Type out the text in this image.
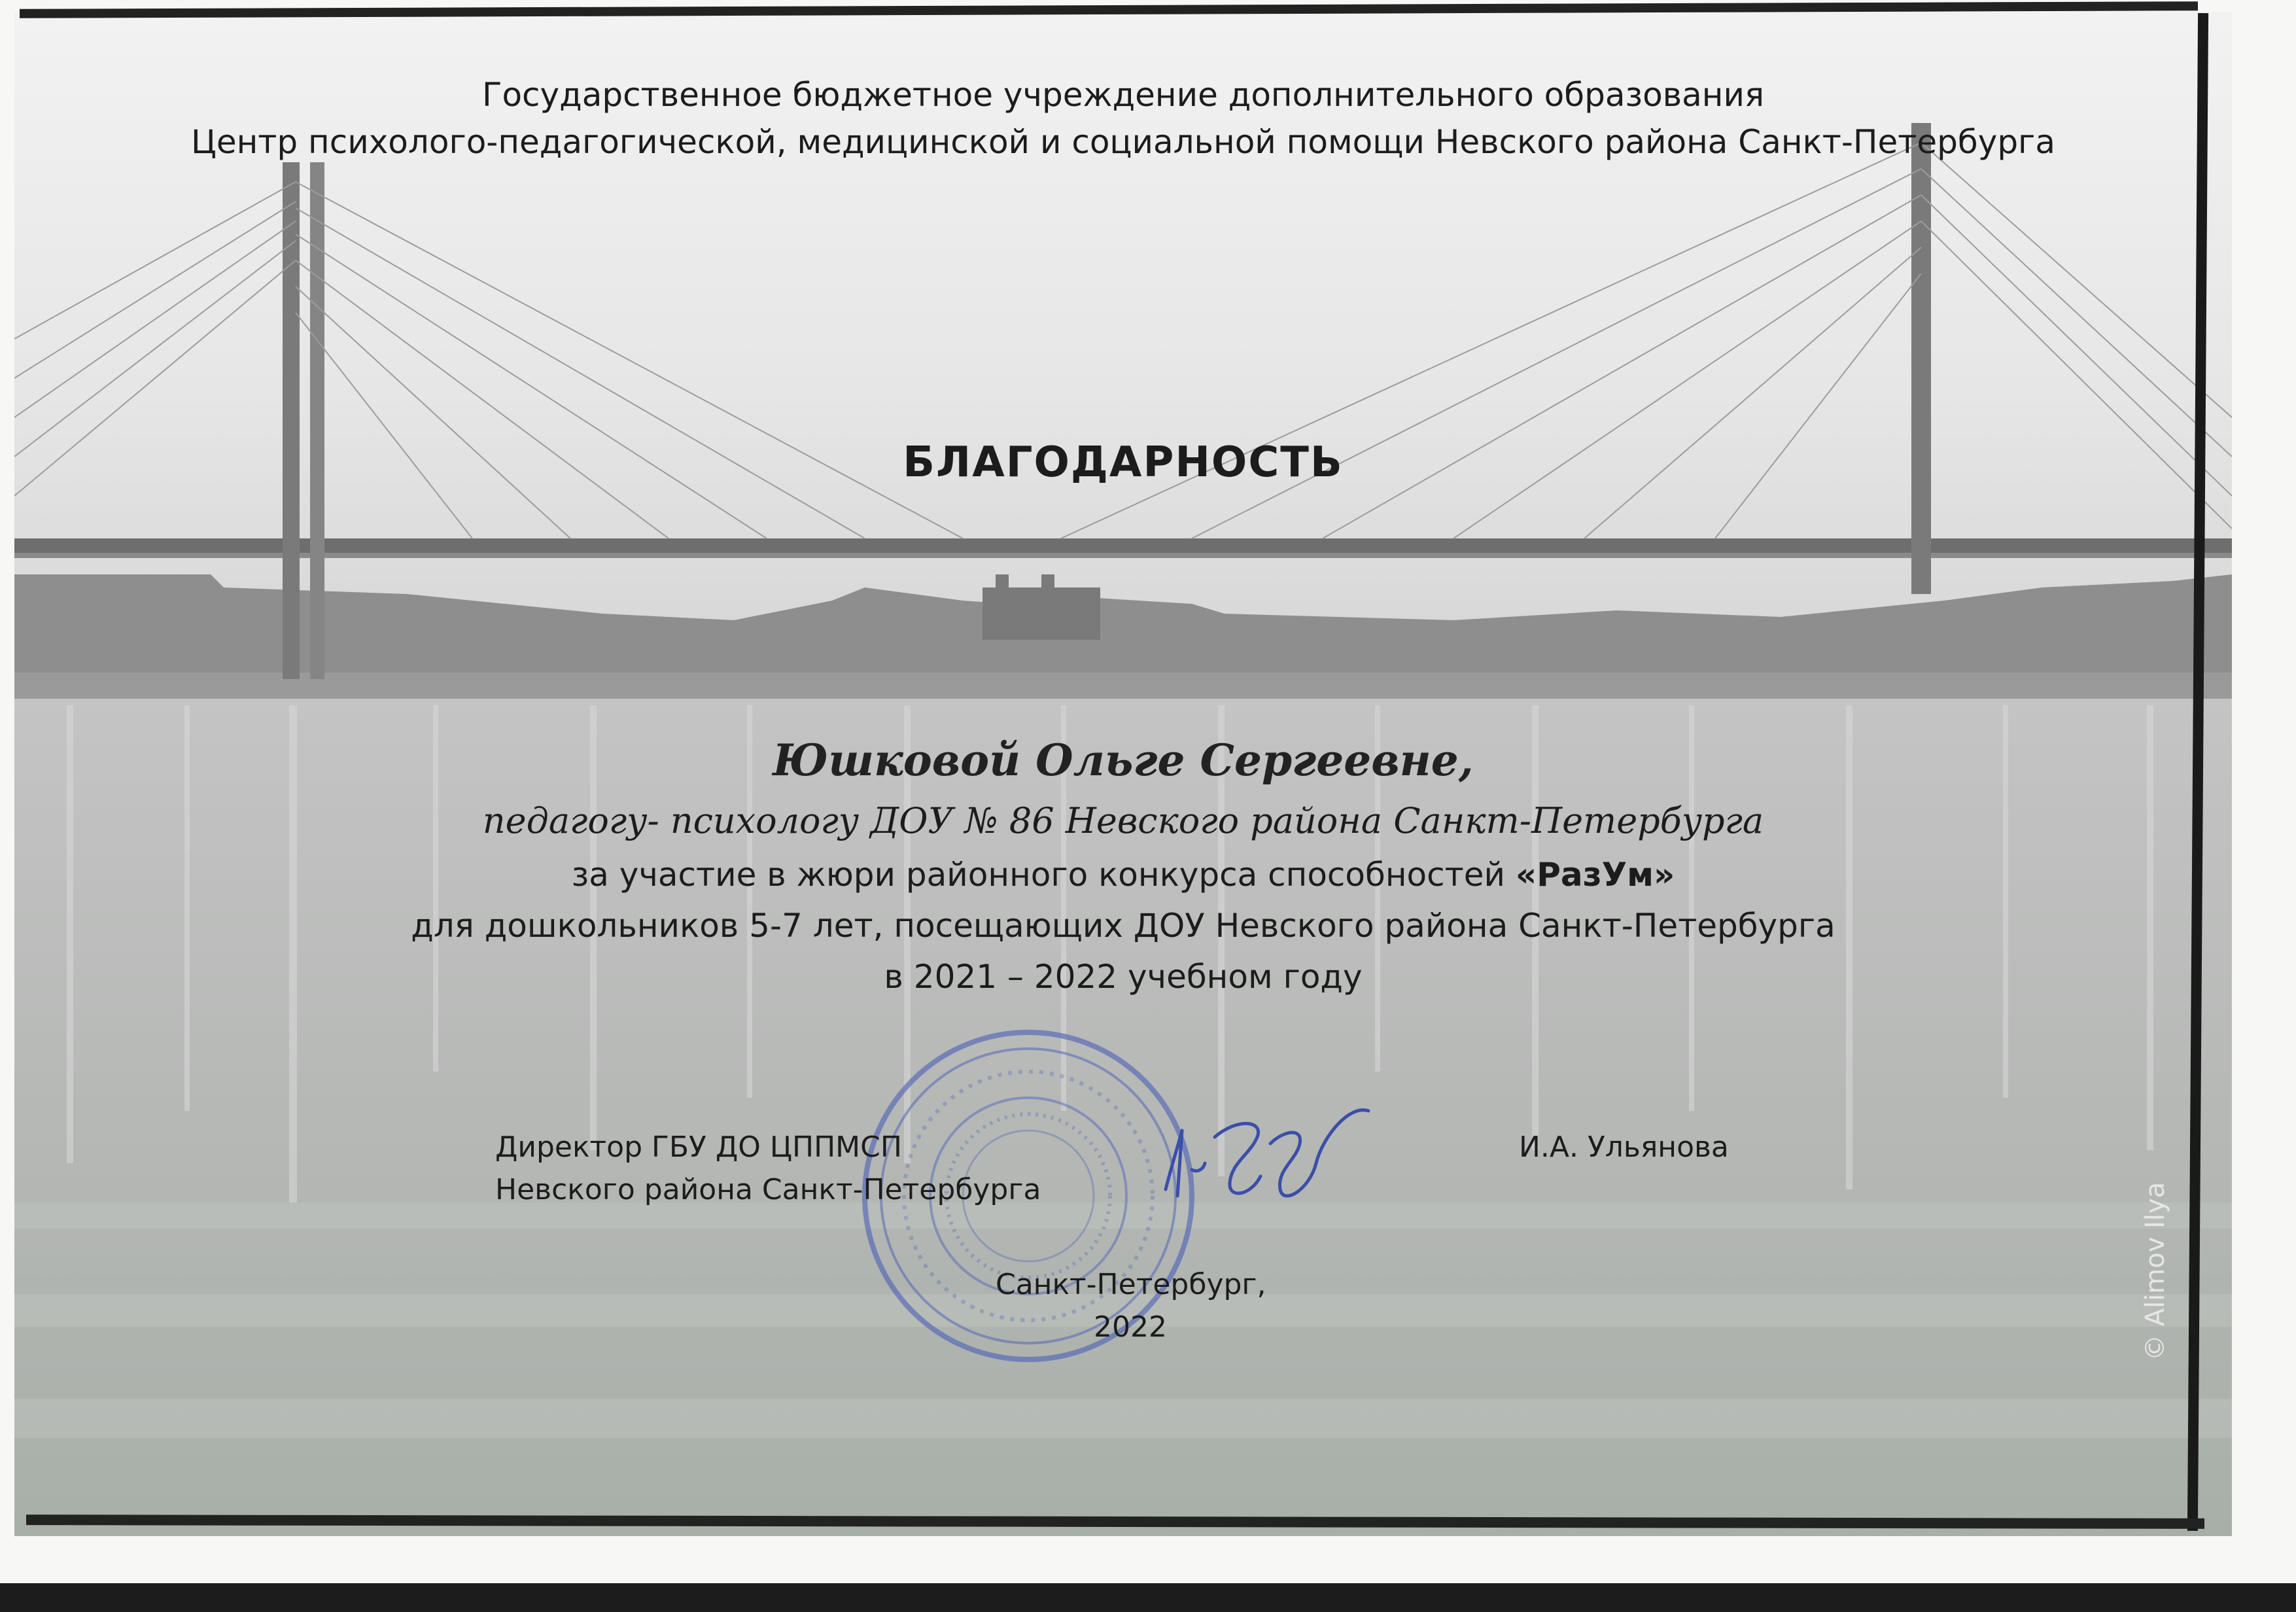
Государственное бюджетное учреждение дополнительного образования
Центр психолого-педагогической, медицинской и социальной помощи Невского района Санкт-Петербурга
БЛАГОДАРНОСТЬ
Юшковой Ольге Сергеевне,
педагогу- психологу ДОУ № 86 Невского района Санкт-Петербурга
за участие в жюри районного конкурса способностей «РазУм»
для дошкольников 5-7 лет, посещающих ДОУ Невского района Санкт-Петербурга
в 2021 – 2022 учебном году
Директор ГБУ ДО ЦППМСП
Невского района Санкт-Петербурга
И.А. Ульянова
Санкт-Петербург,
2022	© Alimov Ilya
